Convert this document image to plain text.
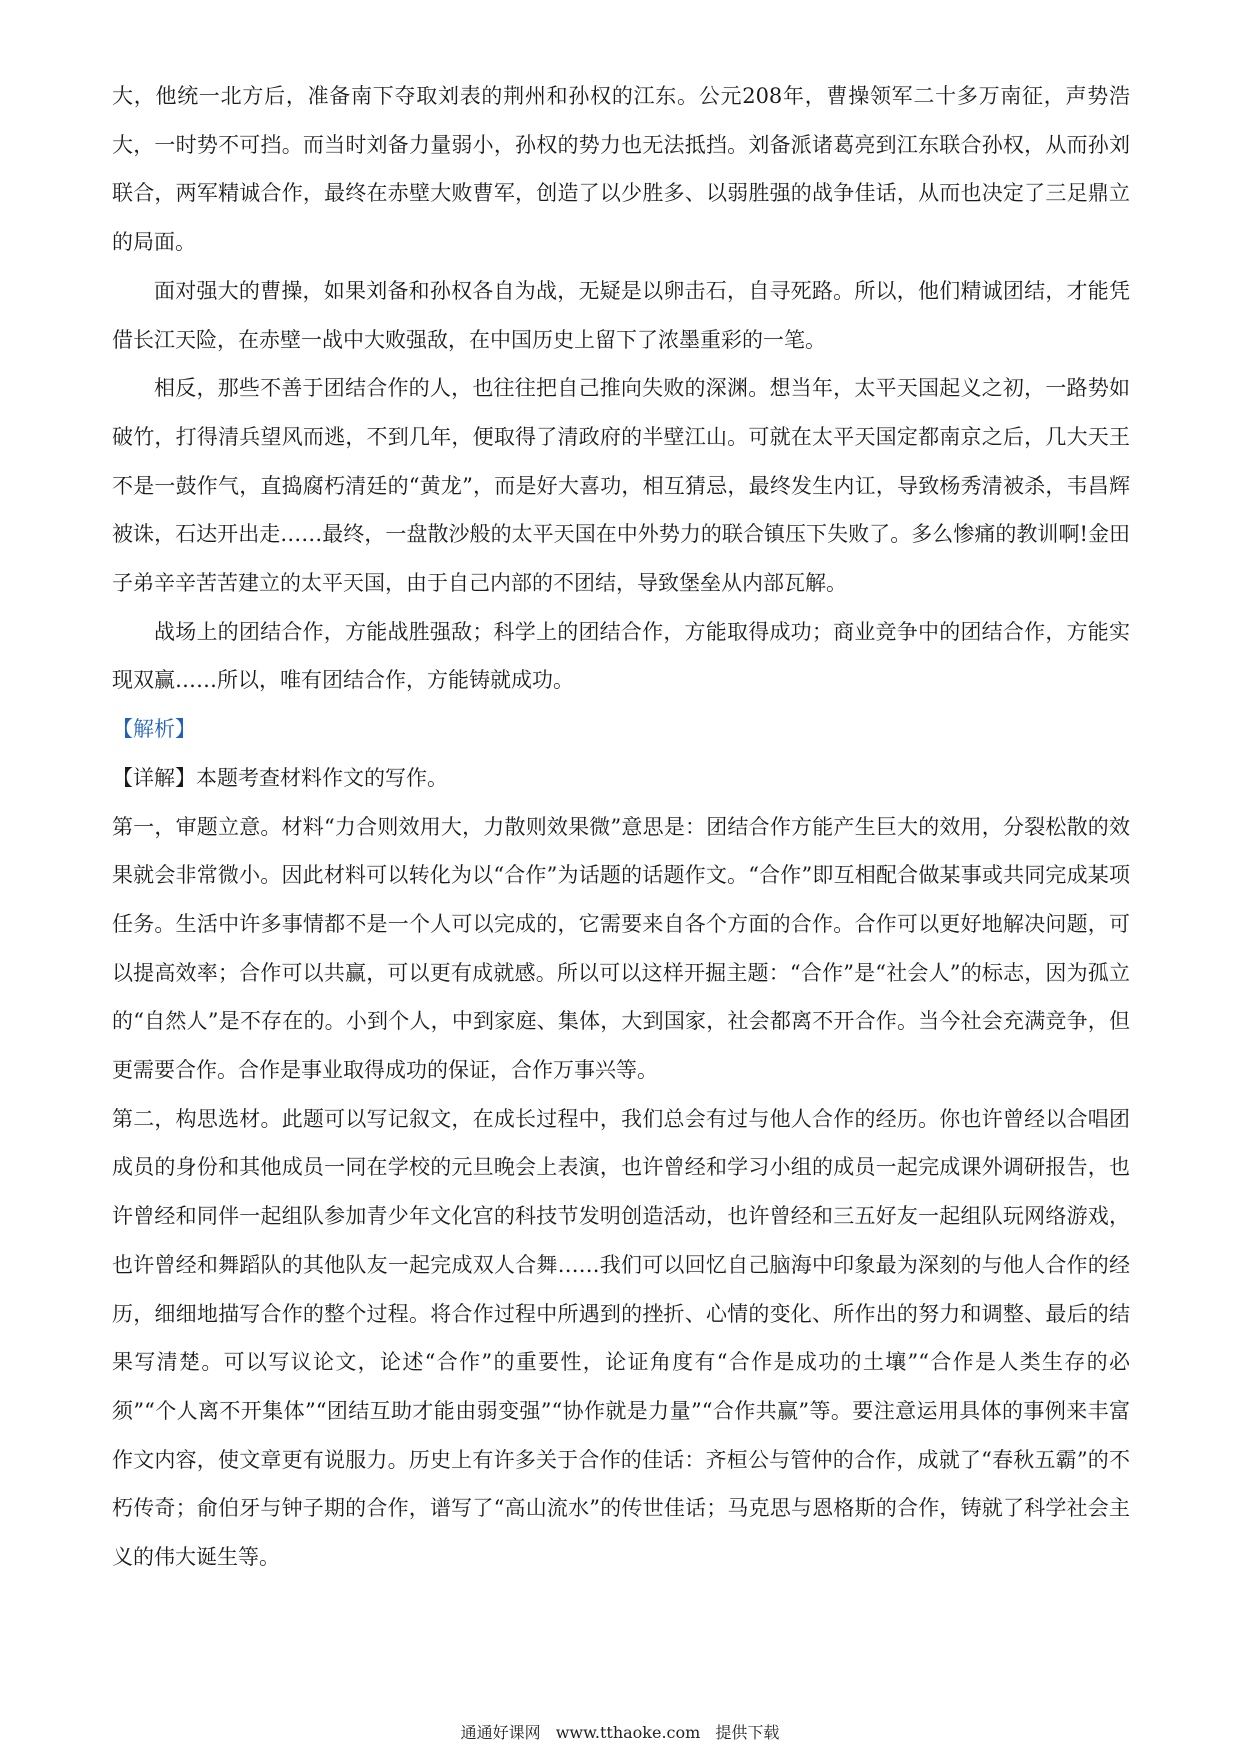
大，他统一北方后，准备南下夺取刘表的荆州和孙权的江东。公元208年，曹操领军二十多万南征，声势浩大，一时势不可挡。而当时刘备力量弱小，孙权的势力也无法抵挡。刘备派诸葛亮到江东联合孙权，从而孙刘联合，两军精诚合作，最终在赤壁大败曹军，创造了以少胜多、以弱胜强的战争佳话，从而也决定了三足鼎立的局面。

面对强大的曹操，如果刘备和孙权各自为战，无疑是以卵击石，自寻死路。所以，他们精诚团结，才能凭借长江天险，在赤壁一战中大败强敌，在中国历史上留下了浓墨重彩的一笔。

相反，那些不善于团结合作的人，也往往把自己推向失败的深渊。想当年，太平天国起义之初，一路势如破竹，打得清兵望风而逃，不到几年，便取得了清政府的半壁江山。可就在太平天国定都南京之后，几大天王不是一鼓作气，直捣腐朽清廷的“黄龙”，而是好大喜功，相互猜忌，最终发生内讧，导致杨秀清被杀，韦昌辉被诛，石达开出走……最终，一盘散沙般的太平天国在中外势力的联合镇压下失败了。多么惨痛的教训啊!金田子弟辛辛苦苦建立的太平天国，由于自己内部的不团结，导致堡垒从内部瓦解。

战场上的团结合作，方能战胜强敌；科学上的团结合作，方能取得成功；商业竞争中的团结合作，方能实现双赢……所以，唯有团结合作，方能铸就成功。

【解析】

【详解】本题考查材料作文的写作。

第一，审题立意。材料“力合则效用大，力散则效果微”意思是：团结合作方能产生巨大的效用，分裂松散的效果就会非常微小。因此材料可以转化为以“合作”为话题的话题作文。“合作”即互相配合做某事或共同完成某项任务。生活中许多事情都不是一个人可以完成的，它需要来自各个方面的合作。合作可以更好地解决问题，可以提高效率；合作可以共赢，可以更有成就感。所以可以这样开掘主题：“合作”是“社会人”的标志，因为孤立的“自然人”是不存在的。小到个人，中到家庭、集体，大到国家，社会都离不开合作。当今社会充满竞争，但更需要合作。合作是事业取得成功的保证，合作万事兴等。

第二，构思选材。此题可以写记叙文，在成长过程中，我们总会有过与他人合作的经历。你也许曾经以合唱团成员的身份和其他成员一同在学校的元旦晚会上表演，也许曾经和学习小组的成员一起完成课外调研报告，也许曾经和同伴一起组队参加青少年文化宫的科技节发明创造活动，也许曾经和三五好友一起组队玩网络游戏，也许曾经和舞蹈队的其他队友一起完成双人合舞……我们可以回忆自己脑海中印象最为深刻的与他人合作的经历，细细地描写合作的整个过程。将合作过程中所遇到的挫折、心情的变化、所作出的努力和调整、最后的结果写清楚。可以写议论文，论述“合作”的重要性，论证角度有“合作是成功的土壤”“合作是人类生存的必须”“个人离不开集体”“团结互助才能由弱变强”“协作就是力量”“合作共赢”等。要注意运用具体的事例来丰富作文内容，使文章更有说服力。历史上有许多关于合作的佳话：齐桓公与管仲的合作，成就了“春秋五霸”的不朽传奇；俞伯牙与钟子期的合作，谱写了“高山流水”的传世佳话；马克思与恩格斯的合作，铸就了科学社会主义的伟大诞生等。

通通好课网 www.tthaoke.com 提供下载
